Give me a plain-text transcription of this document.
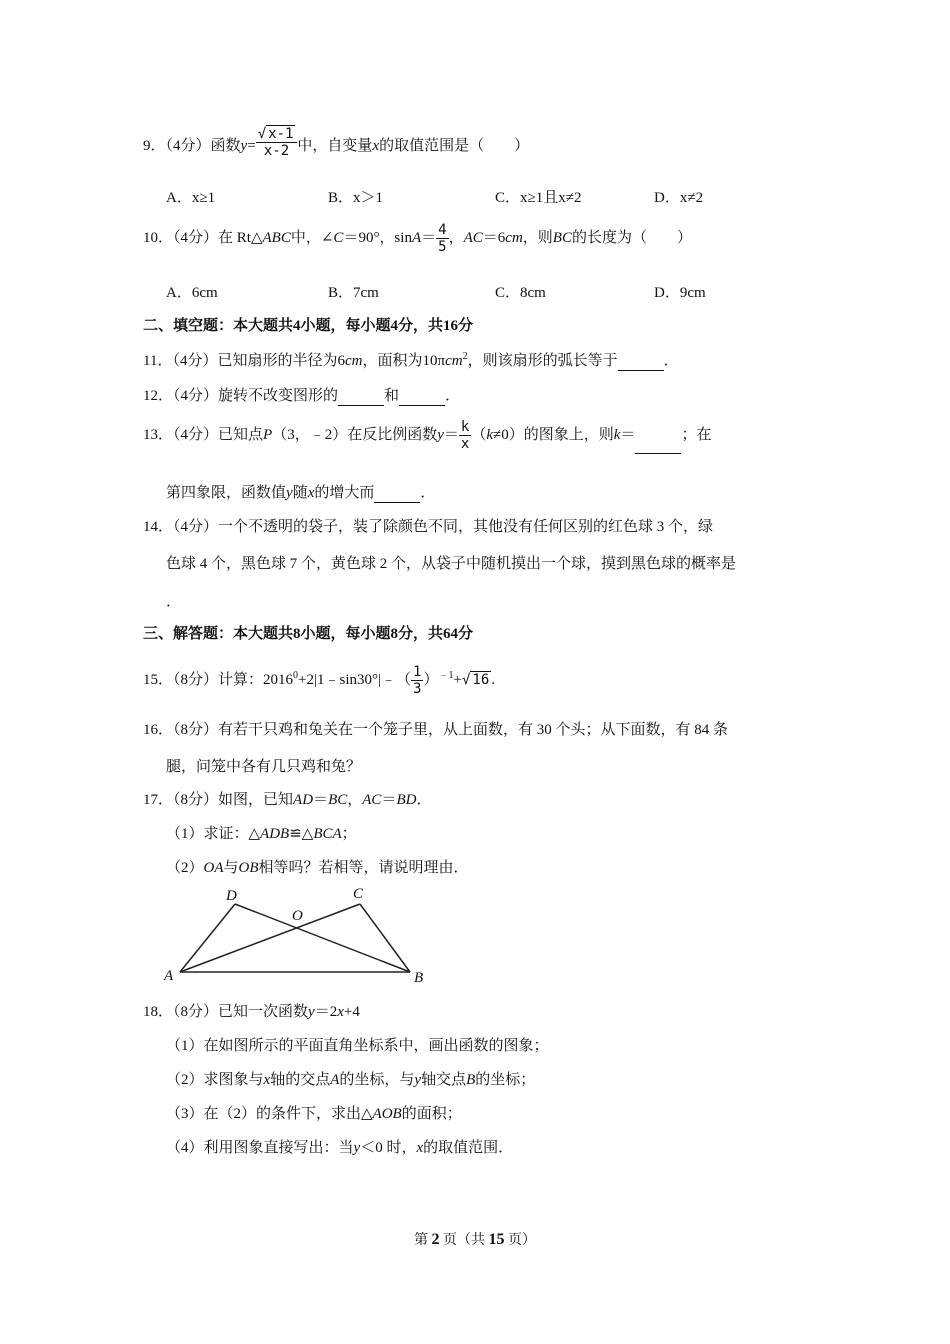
9．（4分）函数$y= \frac{√ x-1}{x-2}$ 中，自变量x的取值范围是（　　）
A．x≥1	B．x＞1	C．x≥1且x≠2	D．x≠2
10．（4分）在 Rt△ABC中，∠C＝90°，$\sin A= \frac{4}{5}$ ，AC＝6cm，则BC的长度为（　　）
A．6cm	B．7cm	C．8cm	D．9cm
二、填空题：本大题共4小题，每小题4分，共16分
11．（4分）已知扇形的半径为6cm，面积为10πcm$^2$，则该扇形的弧长等于	．
12．（4分）旋转不改变图形的	和	．
13．（4分）已知点P（3，﹣2）在反比例函数$y= \frac{k}{x} (k\ne 0)$的图象上，则k＝	；在
第四象限，函数值y随x的增大而	．
14．（4分）一个不透明的袋子，装了除颜色不同，其他没有任何区别的红色球 3 个，绿
色球 4 个，黑色球 7 个，黄色球 2 个，从袋子中随机摸出一个球，摸到黑色球的概率是
．
三、解答题：本大题共8小题，每小题8分，共64分
15．（8分）计算：$2016^0+2|1﹣\sin 30^\circ|﹣( \frac{1}{3} )^{﹣1}+√$ 16 .
16．（8分）有若干只鸡和兔关在一个笼子里，从上面数，有 30 个头；从下面数，有 84 条
腿，问笼中各有几只鸡和兔？
17．（8分）如图，已知AD＝BC，AC＝BD．
（1）求证：△ADB≌△BCA；
（2）OA与OB相等吗？若相等，请说明理由．
A	B
C
D
O
18．（8分）已知一次函数y＝2x+4
（1）在如图所示的平面直角坐标系中，画出函数的图象；
（2）求图象与x轴的交点A的坐标，与y轴交点B的坐标；
（3）在（2）的条件下，求出△AOB的面积；
（4）利用图象直接写出：当y＜0 时，x的取值范围．
第 2 页（共 15 页）
